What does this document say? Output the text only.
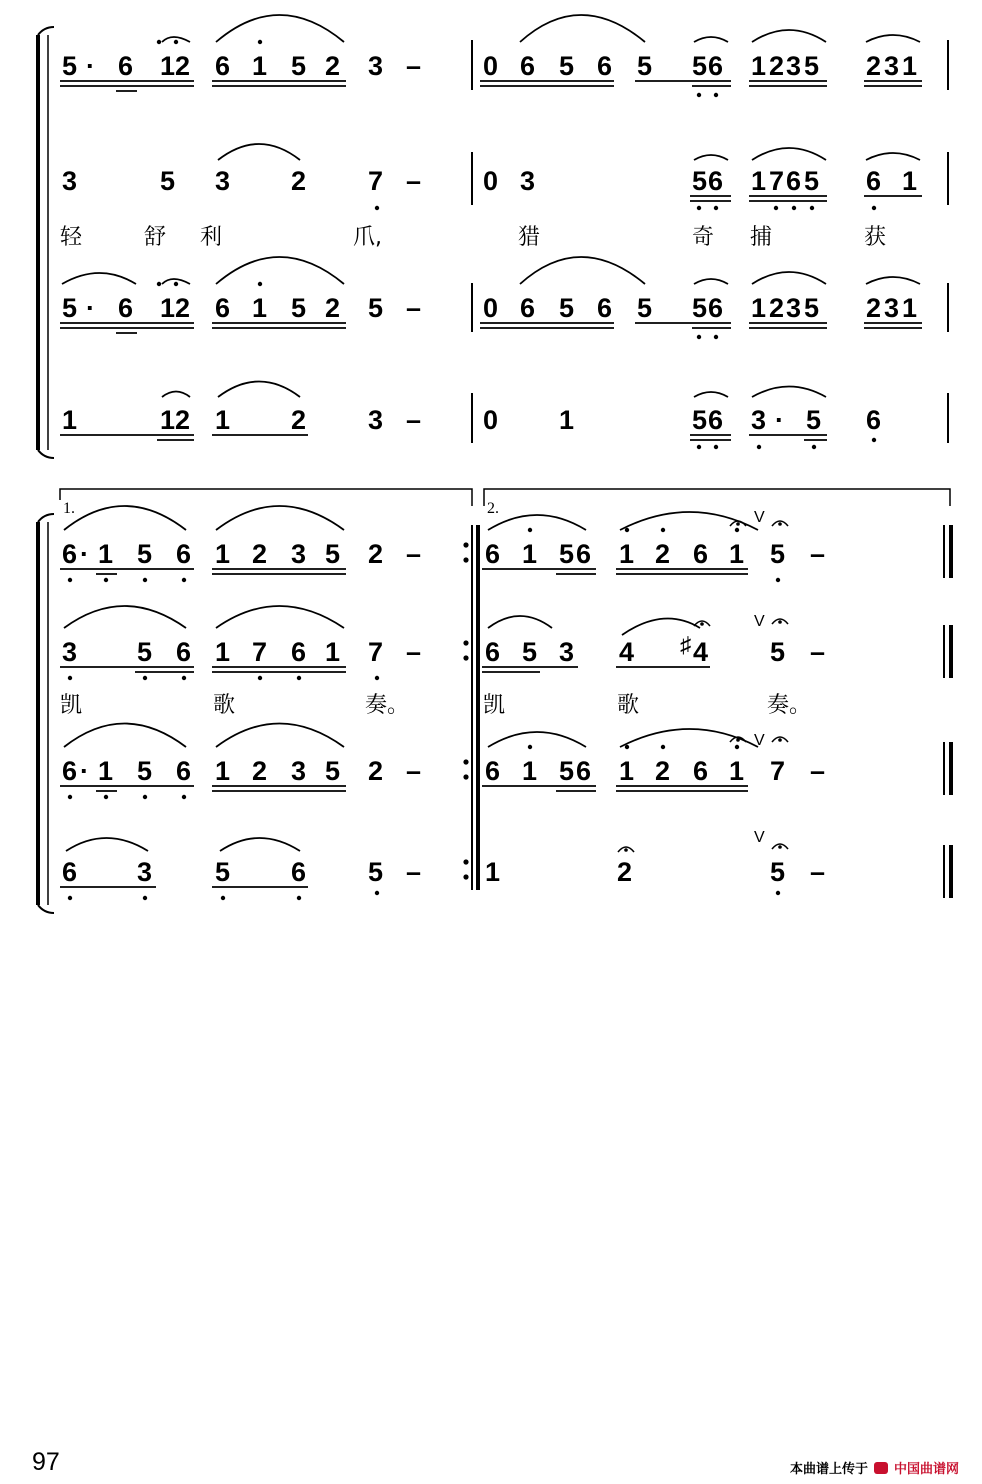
5 · 6 1 2 6 1 5 2 3 – 0 6 5 6 5 5 6 1 2 3 5 2 3 1
3	5 3 2 7 – 0 3	5 6 1 7 6 5 6 1
轻	舒 利	爪,	猎	奇 捕	获
5 · 6 1 2 6 1 5 2 5 – 0 6 5 6 5 5 6 1 2 3 5 2 3 1
1	1 2 1 2 3 – 0 1	5 6 3 · 5 6
1.	2.
6 · 1 5 6 1 2 3 5 2 – 6 1 5 6 1 2 6 1 5 –
V
3 5 6 1 7 6 1 7 – 6 5 3 4 ♯ 4 5 –
V
凯	歌	奏。	凯	歌	奏。
6 · 1 5 6 1 2 3 5 2 – 6 1 5 6 1 2 6 1 7 –
V
6 3 5 6 5 – 1	2	5 –
V
97	本曲谱上传于 中国曲谱网
